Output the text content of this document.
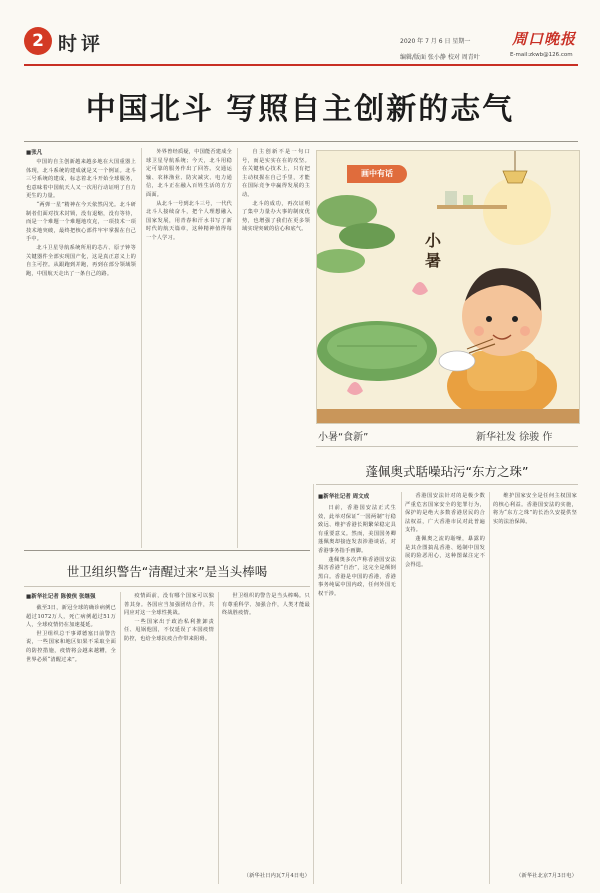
2 时评	2020 年 7 月 6 日 星期一
编辑/版面 张小静 校对 周青叶
周口晚报
E-mail:zkwb@126.com
中国北斗 写照自主创新的志气
■张凡

中国的自主创新越来越多地在大国重器上体现，北斗系统的建成就是又一个例证。北斗三号系统的建成，标志着北斗开始全球服务，也意味着中国航天人又一次用行动证明了自力更生的力量。

“两弹一星”精神在今天依然闪光。北斗研制者们面对技术封锁，没有退缩，没有等待，而是一个难题一个难题地攻克，一项技术一项技术地突破，最终把核心部件牢牢掌握在自己手中。

北斗卫星导航系统所用的芯片、原子钟等关键器件全部实现国产化，这是真正意义上的自主可控。从跟跑到并跑，再到在部分领域领跑，中国航天走出了一条自己的路。

外界曾经质疑，中国能否建成全球卫星导航系统；今天，北斗用稳定可靠的服务作出了回答。交通运输、农林渔业、防灾减灾、电力通信，北斗正在融入百姓生活的方方面面。

从北斗一号到北斗三号，一代代北斗人接续奋斗，把个人理想融入国家发展，用青春和汗水书写了新时代的航天篇章，这种精神值得每一个人学习。

自主创新不是一句口号，而是实实在在的攻坚。在关键核心技术上，只有把主动权握在自己手里，才能在国际竞争中赢得发展的主动。

北斗的成功，再次证明了集中力量办大事的制度优势，也增强了我们在更多领域实现突破的信心和底气。

画中有话
小暑
小暑“食新”	新华社发 徐骏 作
蓬佩奥式聒噪玷污“东方之珠”
世卫组织警告“清醒过来”是当头棒喝
■新华社记者 陈俊侠 张继强

截至3日，新冠全球的确诊病例已超过1072万人，死亡病例超过51万人，全球疫情仍在加速蔓延。

世卫组织总干事谭德塞日前警告说，一些国家和地区如果不采取全面的防控措施，疫情将会越来越糟，全世界必须“清醒过来”。

疫情面前，没有哪个国家可以独善其身。各国应当加强团结合作，共同应对这一全球性挑战。

一些国家出于政治私利推卸责任、甩锅他国，不仅延误了本国疫情防控，也给全球抗疫合作带来阻碍。

世卫组织的警告是当头棒喝。只有尊重科学、加强合作，人类才能最终战胜疫情。

（新华社日内瓦7月4日电）
■新华社记者 周文成

日前，香港国安法正式生效，此举对保证“一国两制”行稳致远、维护香港长期繁荣稳定具有重要意义。然而，美国国务卿蓬佩奥却接连发表涉港谈话，对香港事务指手画脚。

蓬佩奥多次声称香港国安法损害香港“自治”，这完全是颠倒黑白。香港是中国的香港，香港事务纯属中国内政，任何外国无权干涉。

香港国安法针对的是极少数严重危害国家安全的犯罪行为，保护的是绝大多数香港居民的合法权益，广大香港市民对此普遍支持。

蓬佩奥之流的聒噪，暴露的是其企图搞乱香港、遏制中国发展的险恶用心，这种图谋注定不会得逞。

维护国家安全是任何主权国家的核心利益。香港国安法的实施，将为“东方之珠”的长治久安提供坚实的法治保障。

（新华社北京7月3日电）
